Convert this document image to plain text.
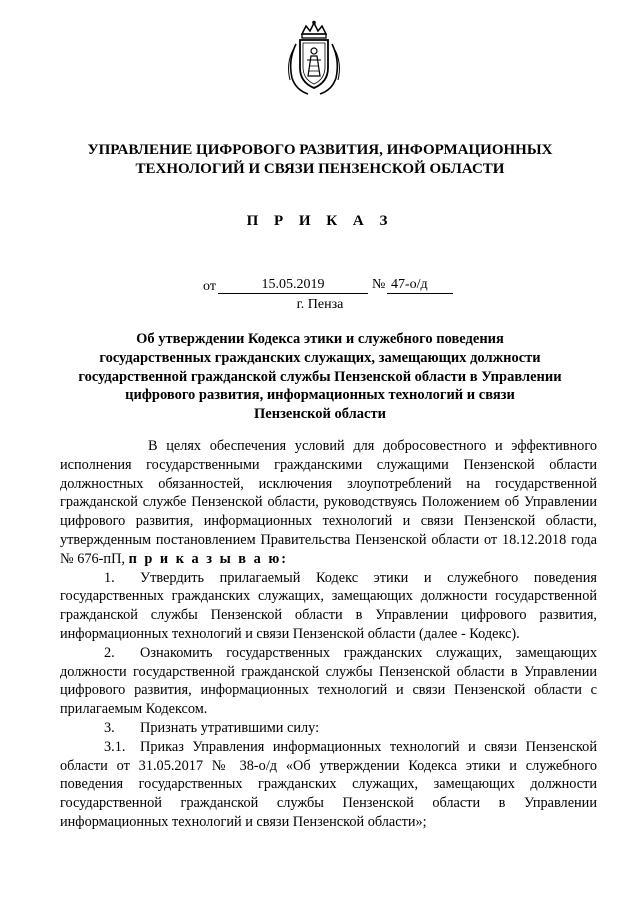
УПРАВЛЕНИЕ ЦИФРОВОГО РАЗВИТИЯ, ИНФОРМАЦИОННЫХ
ТЕХНОЛОГИЙ И СВЯЗИ ПЕНЗЕНСКОЙ ОБЛАСТИ
П Р И К А З
от	15.05.2019	№ 47-о/д
г. Пенза
Об утверждении Кодекса этики и служебного поведения
государственных гражданских служащих, замещающих должности
государственной гражданской службы Пензенской области в Управлении
цифрового развития, информационных технологий и связи
Пензенской области

В целях обеспечения условий для добросовестного и эффективного исполнения государственными гражданскими служащими Пензенской области должностных обязанностей, исключения злоупотреблений на государственной гражданской службе Пензенской области, руководствуясь Положением об Управлении цифрового развития, информационных технологий и связи Пензенской области, утвержденным постановлением Правительства Пензенской области от 18.12.2018 года № 676-пП, п р и к а з ы в а ю:

1. Утвердить прилагаемый Кодекс этики и служебного поведения государственных гражданских служащих, замещающих должности государственной гражданской службы Пензенской области в Управлении цифрового развития, информационных технологий и связи Пензенской области (далее - Кодекс).

2. Ознакомить государственных гражданских служащих, замещающих должности государственной гражданской службы Пензенской области в Управлении цифрового развития, информационных технологий и связи Пензенской области с прилагаемым Кодексом.

3. Признать утратившими силу:

3.1. Приказ Управления информационных технологий и связи Пензенской области от 31.05.2017 № 38-о/д «Об утверждении Кодекса этики и служебного поведения государственных гражданских служащих, замещающих должности государственной гражданской службы Пензенской области в Управлении информационных технологий и связи Пензенской области»;
